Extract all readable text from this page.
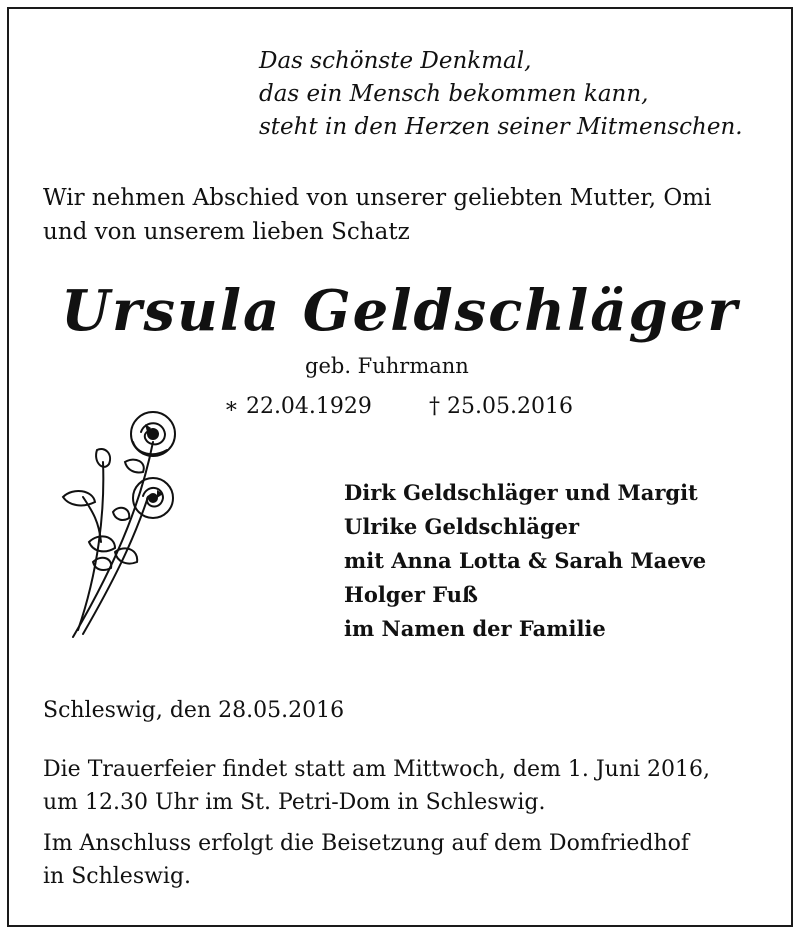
Das schönste Denkmal,
das ein Mensch bekommen kann,
steht in den Herzen seiner Mitmenschen.
Wir nehmen Abschied von unserer geliebten Mutter, Omi
und von unserem lieben Schatz
Ursula Geldschläger
geb. Fuhrmann
∗ 22.04.1929	† 25.05.2016
Dirk Geldschläger und Margit
Ulrike Geldschläger
mit Anna Lotta & Sarah Maeve
Holger Fuß
im Namen der Familie
Schleswig, den 28.05.2016
Die Trauerfeier findet statt am Mittwoch, dem 1. Juni 2016,
um 12.30 Uhr im St. Petri-Dom in Schleswig.
Im Anschluss erfolgt die Beisetzung auf dem Domfriedhof
in Schleswig.
